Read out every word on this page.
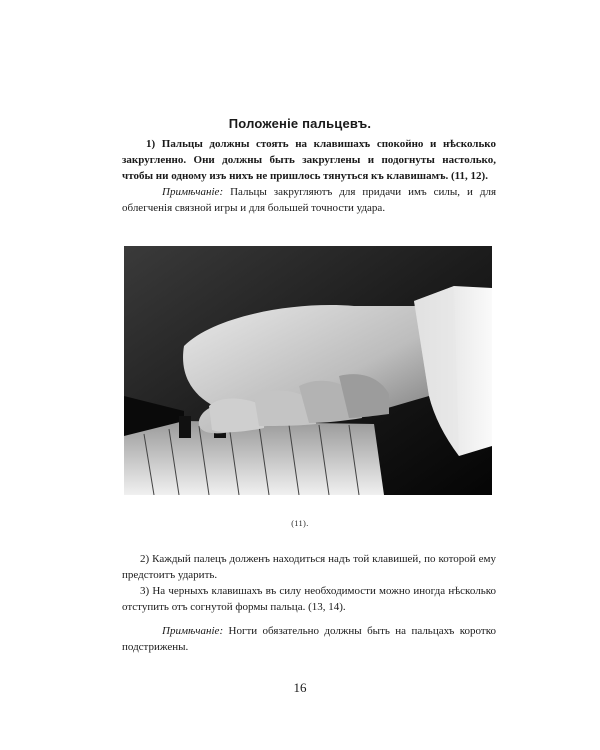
Положеніе пальцевъ.

1) Пальцы должны стоять на клавишахъ спокойно и нѣсколько закругленно. Они должны быть закруглены и подогнуты настолько, чтобы ни одному изъ нихъ не пришлось тянуться къ клавишамъ. (11, 12).

Примѣчаніе: Пальцы закругляютъ для придачи имъ силы, и для облегченія связной игры и для большей точности удара.

(11).

2) Каждый палецъ долженъ находиться надъ той клавишей, по которой ему предстоитъ ударить.

3) На черныхъ клавишахъ въ силу необходимости можно иногда нѣсколько отступить отъ согнутой формы пальца. (13, 14).

Примѣчаніе: Ногти обязательно должны быть на пальцахъ коротко подстрижены.

16
